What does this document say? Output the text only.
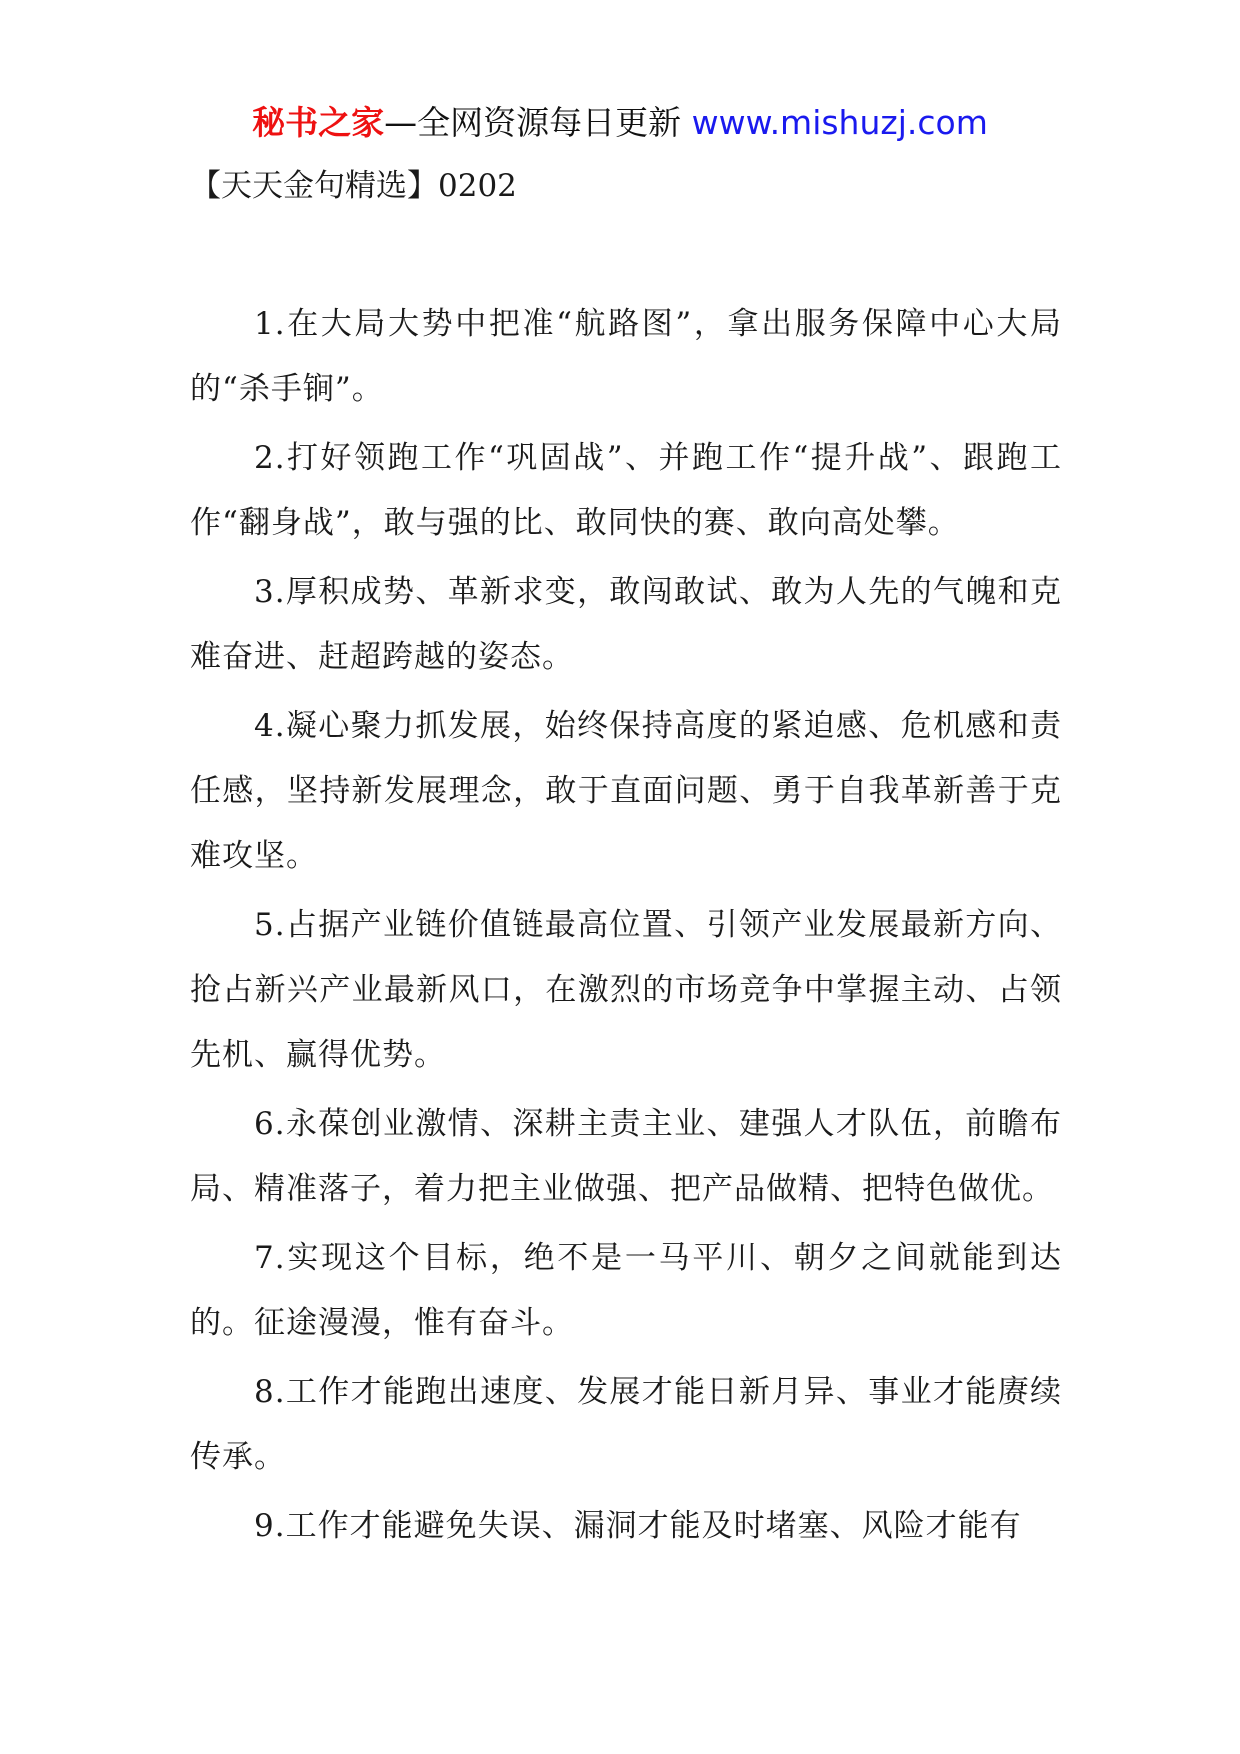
秘书之家—全网资源每日更新 www.mishuzj.com
【天天金句精选】0202

1.在大局大势中把准“航路图”，拿出服务保障中心大局的“杀手锏”。

2.打好领跑工作“巩固战”、并跑工作“提升战”、跟跑工作“翻身战”，敢与强的比、敢同快的赛、敢向高处攀。

3.厚积成势、革新求变，敢闯敢试、敢为人先的气魄和克难奋进、赶超跨越的姿态。

4.凝心聚力抓发展，始终保持高度的紧迫感、危机感和责任感，坚持新发展理念，敢于直面问题、勇于自我革新善于克难攻坚。

5.占据产业链价值链最高位置、引领产业发展最新方向、抢占新兴产业最新风口，在激烈的市场竞争中掌握主动、占领先机、赢得优势。

6.永葆创业激情、深耕主责主业、建强人才队伍，前瞻布局、精准落子，着力把主业做强、把产品做精、把特色做优。

7.实现这个目标，绝不是一马平川、朝夕之间就能到达的。征途漫漫，惟有奋斗。

8.工作才能跑出速度、发展才能日新月异、事业才能赓续传承。

9.工作才能避免失误、漏洞才能及时堵塞、风险才能有
